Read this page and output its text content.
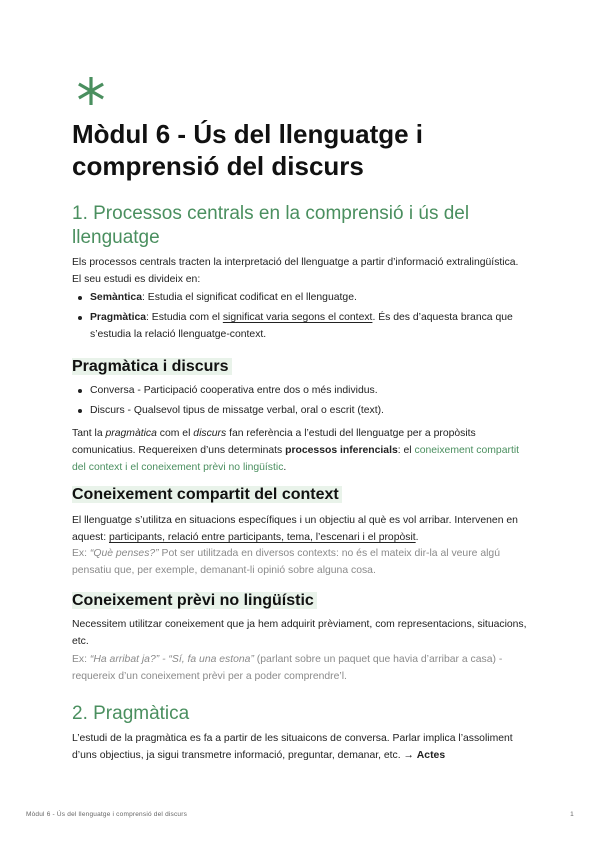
Mòdul 6 - Ús del llenguatge i comprensió del discurs
1. Processos centrals en la comprensió i ús del llenguatge

Els processos centrals tracten la interpretació del llenguatge a partir d’informació extralingüística. El seu estudi es divideix en:

Semàntica: Estudia el significat codificat en el llenguatge.
Pragmàtica: Estudia com el significat varia segons el context. És des d’aquesta branca que s’estudia la relació llenguatge-context.
Pragmàtica i discurs
Conversa - Participació cooperativa entre dos o més individus.
Discurs - Qualsevol tipus de missatge verbal, oral o escrit (text).

Tant la pragmàtica com el discurs fan referència a l’estudi del llenguatge per a propòsits comunicatius. Requereixen d’uns determinats processos inferencials: el coneixement compartit del context i el coneixement prèvi no lingüístic.

Coneixement compartit del context

El llenguatge s’utilitza en situacions específiques i un objectiu al què es vol arribar. Intervenen en aquest: participants, relació entre participants, tema, l’escenari i el propòsit.

Ex: “Què penses?” Pot ser utilitzada en diversos contexts: no és el mateix dir-la al veure algú pensatiu que, per exemple, demanant-li opinió sobre alguna cosa.

Coneixement prèvi no lingüístic

Necessitem utilitzar coneixement que ja hem adquirit prèviament, com representacions, situacions, etc.

Ex: “Ha arribat ja?” - “Sí, fa una estona” (parlant sobre un paquet que havia d’arribar a casa) - requereix d’un coneixement prèvi per a poder comprendre’l.

2. Pragmàtica

L’estudi de la pragmàtica es fa a partir de les situaicons de conversa. Parlar implica l’assoliment d’uns objectius, ja sigui transmetre informació, preguntar, demanar, etc. → Actes

Mòdul 6 - Ús del llenguatge i comprensió del discurs	1
